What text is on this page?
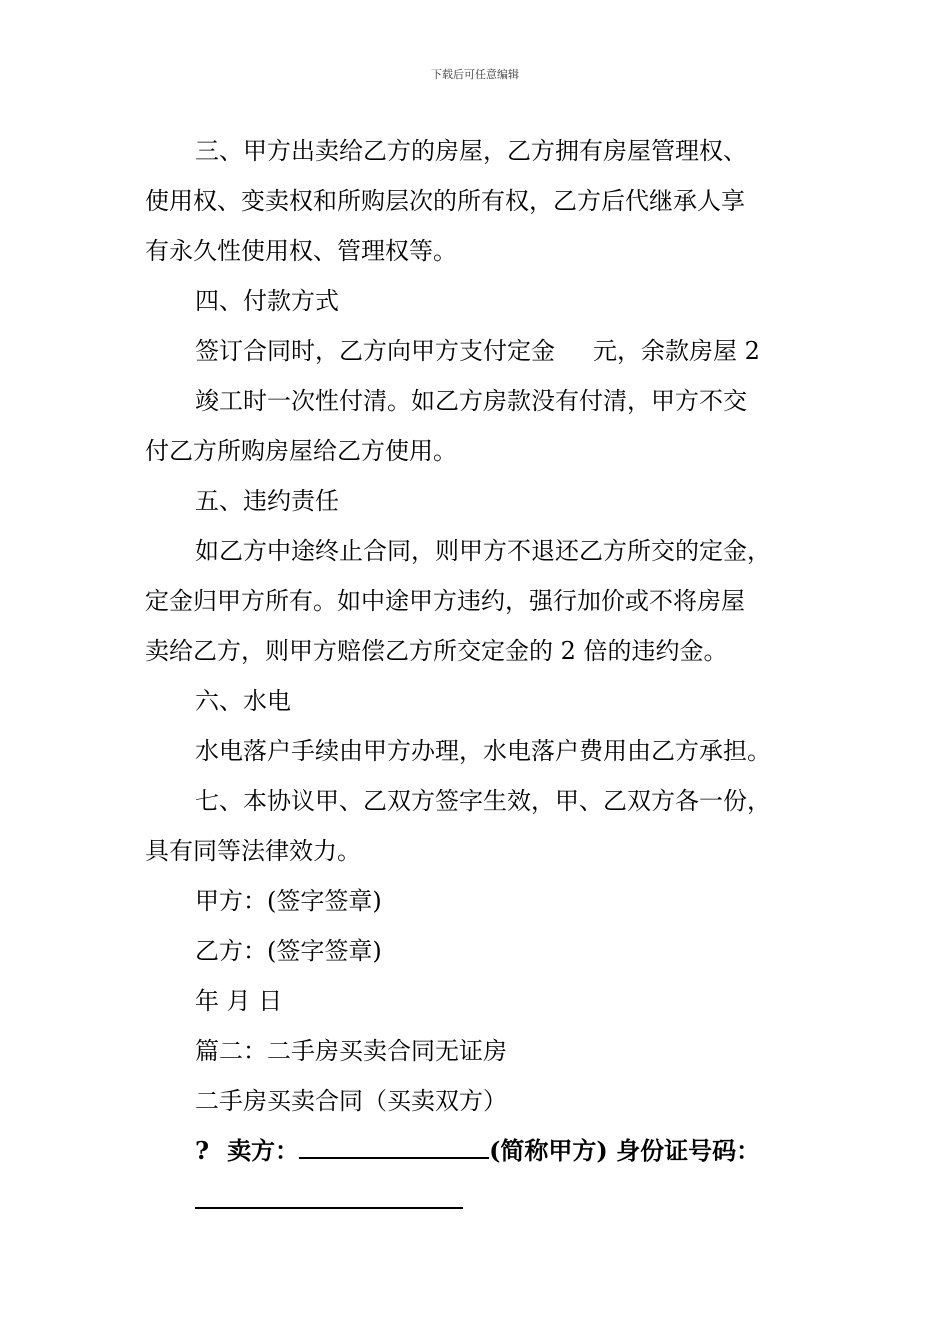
下载后可任意编辑
三、甲方出卖给乙方的房屋，乙方拥有房屋管理权、
使用权、变卖权和所购层次的所有权，乙方后代继承人享
有永久性使用权、管理权等。
四、付款方式
签订合同时，乙方向甲方支付定金 元，余款房屋 2
竣工时一次性付清。如乙方房款没有付清，甲方不交
付乙方所购房屋给乙方使用。
五、违约责任
如乙方中途终止合同，则甲方不退还乙方所交的定金，
定金归甲方所有。如中途甲方违约，强行加价或不将房屋
卖给乙方，则甲方赔偿乙方所交定金的 2 倍的违约金。
六、水电
水电落户手续由甲方办理，水电落户费用由乙方承担。
七、本协议甲、乙双方签字生效，甲、乙双方各一份，
具有同等法律效力。
甲方：(签字签章)
乙方：(签字签章)
年 月 日
篇二：二手房买卖合同无证房
二手房买卖合同（买卖双方）
? 卖方：	(简称甲方) 身份证号码：
